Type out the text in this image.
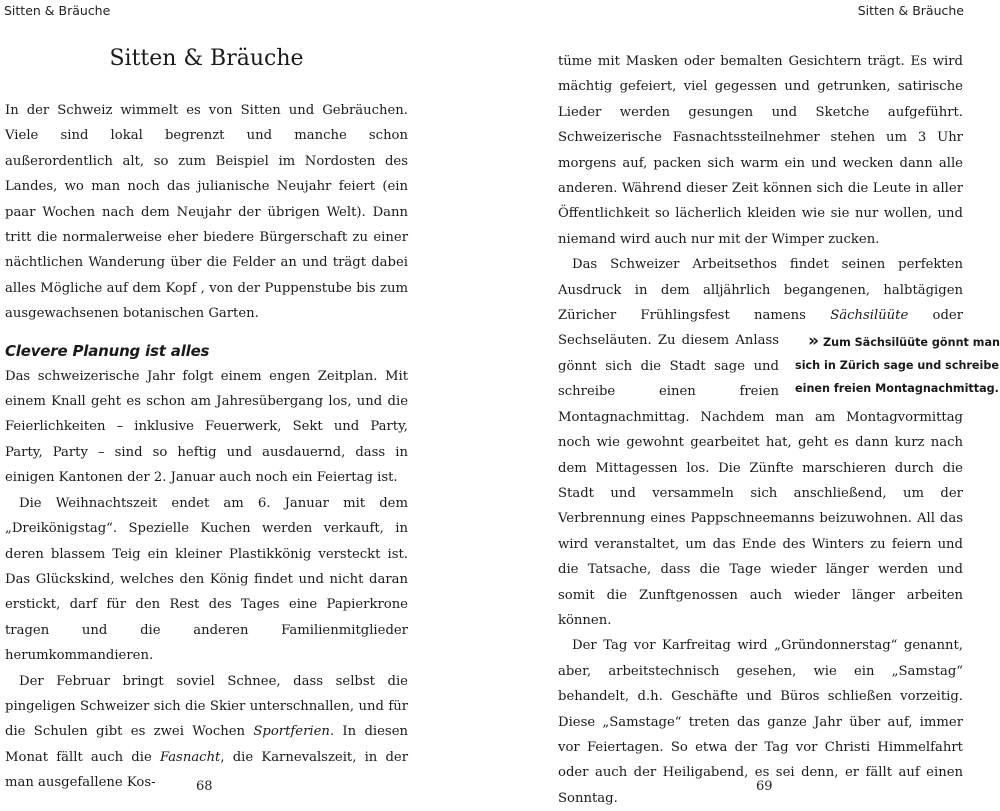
Sitten & Bräuche	Sitten & Bräuche
Sitten & Bräuche

In der Schweiz wimmelt es von Sitten und Gebräuchen. Viele sind lokal begrenzt und manche schon außerordentlich alt, so zum Beispiel im Nordosten des Landes, wo man noch das julianische Neujahr feiert (ein paar Wochen nach dem Neujahr der übrigen Welt). Dann tritt die normalerweise eher biedere Bürgerschaft zu einer nächtlichen Wanderung über die Felder an und trägt dabei alles Mögliche auf dem Kopf , von der Puppenstube bis zum ausgewachsenen botanischen Garten.

Clevere Planung ist alles

Das schweizerische Jahr folgt einem engen Zeitplan. Mit einem Knall geht es schon am Jahresübergang los, und die Feierlichkeiten – inklusive Feuerwerk, Sekt und Party, Party, Party – sind so heftig und ausdauernd, dass in einigen Kantonen der 2. Januar auch noch ein Feiertag ist.

Die Weihnachtszeit endet am 6. Januar mit dem „Dreikönigstag“. Spezielle Kuchen werden verkauft, in deren blassem Teig ein kleiner Plastikkönig versteckt ist. Das Glückskind, welches den König findet und nicht daran erstickt, darf für den Rest des Tages eine Papierkrone tragen und die anderen Familienmitglieder herumkommandieren.

Der Februar bringt soviel Schnee, dass selbst die pingeligen Schweizer sich die Skier unterschnallen, und für die Schulen gibt es zwei Wochen Sportferien. In diesen Monat fällt auch die Fasnacht, die Karnevalszeit, in der man ausgefallene Kos-

tüme mit Masken oder bemalten Gesichtern trägt. Es wird mächtig gefeiert, viel gegessen und getrunken, satirische Lieder werden gesungen und Sketche aufgeführt. Schweizerische Fasnachtssteilnehmer stehen um 3 Uhr morgens auf, packen sich warm ein und wecken dann alle anderen. Während dieser Zeit können sich die Leute in aller Öffentlichkeit so lächerlich kleiden wie sie nur wollen, und niemand wird auch nur mit der Wimper zucken.

Das Schweizer Arbeitsethos findet seinen perfekten Ausdruck in dem alljährlich begangenen, halbtägigen Züricher Frühlingsfest namens Sächsilüüte
» Zum Sächsilüüte gönnt man sich in Zürich sage und schreibe einen freien Montagnachmittag.
oder Sechseläuten. Zu diesem Anlass gönnt sich die Stadt sage und schreibe einen freien Montagnachmittag. Nachdem man am Montagvormittag noch wie gewohnt gearbeitet hat, geht es dann kurz nach dem Mittagessen los. Die Zünfte marschieren durch die Stadt und versammeln sich anschließend, um der Verbrennung eines Pappschneemanns beizuwohnen. All das wird veranstaltet, um das Ende des Winters zu feiern und die Tatsache, dass die Tage wieder länger werden und somit die Zunftgenossen auch wieder länger arbeiten können.

Der Tag vor Karfreitag wird „Gründonnerstag“ genannt, aber, arbeitstechnisch gesehen, wie ein „Samstag“ behandelt, d.h. Geschäfte und Büros schließen vorzeitig. Diese „Samstage“ treten das ganze Jahr über auf, immer vor Feiertagen. So etwa der Tag vor Christi Himmelfahrt oder auch der Heiligabend, es sei denn, er fällt auf einen Sonntag.

68	69
